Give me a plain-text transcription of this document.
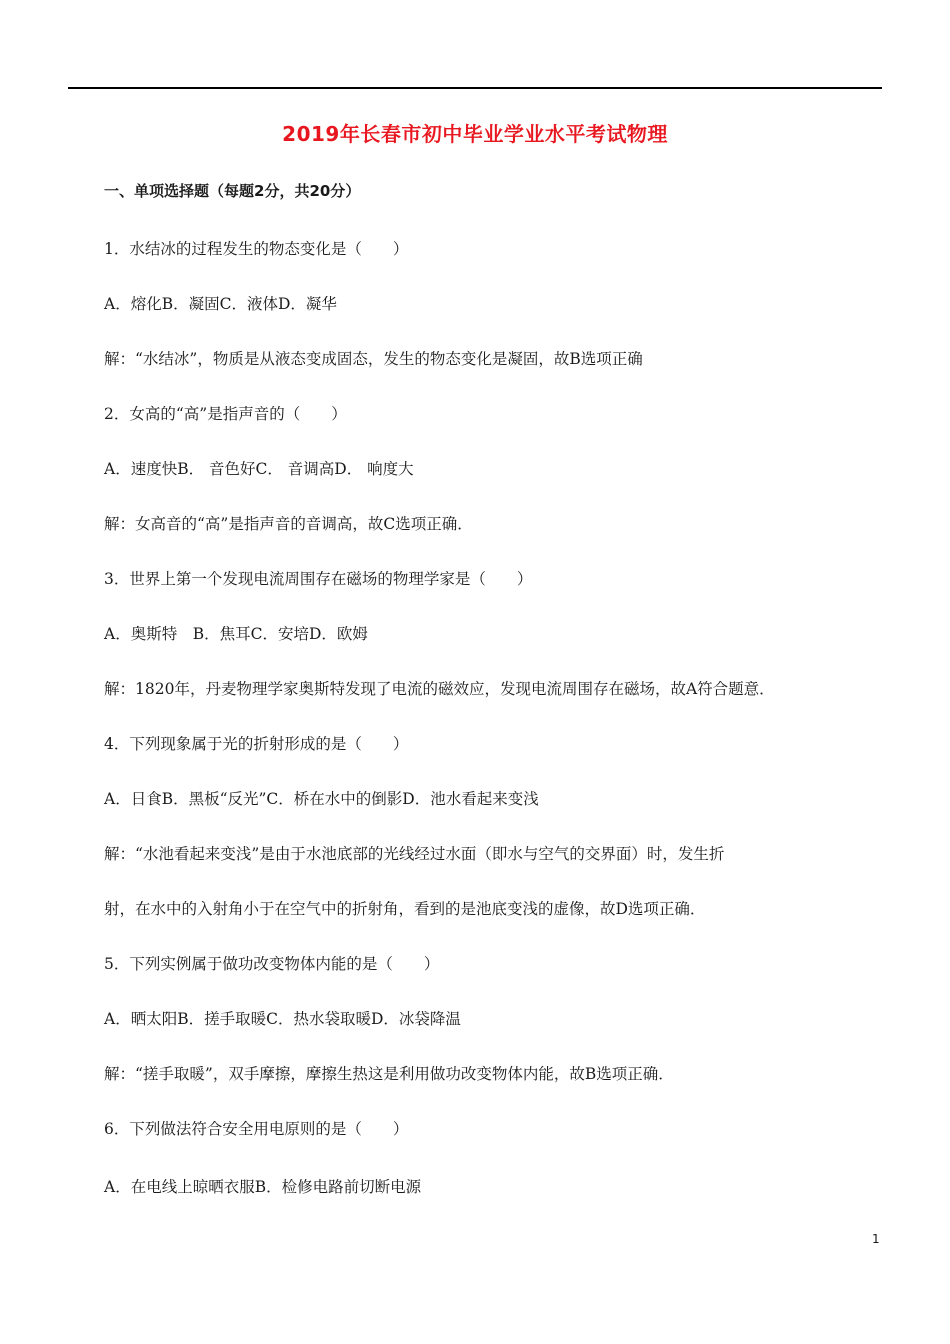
2019年长春市初中毕业学业水平考试物理
一、单项选择题（每题2分，共20分）
1．水结冰的过程发生的物态变化是（　　）
A．熔化B．凝固C．液体D．凝华
解：“水结冰”，物质是从液态变成固态，发生的物态变化是凝固，故B选项正确
2．女高的“高”是指声音的（　　）
A．速度快B． 音色好C． 音调高D． 响度大
解：女高音的“高”是指声音的音调高，故C选项正确．
3．世界上第一个发现电流周围存在磁场的物理学家是（　　）
A．奥斯特　B．焦耳C．安培D．欧姆
解：1820年，丹麦物理学家奥斯特发现了电流的磁效应，发现电流周围存在磁场，故A符合题意．
4．下列现象属于光的折射形成的是（　　）
A．日食B．黑板“反光”C．桥在水中的倒影D．池水看起来变浅
解：“水池看起来变浅”是由于水池底部的光线经过水面（即水与空气的交界面）时，发生折
射，在水中的入射角小于在空气中的折射角，看到的是池底变浅的虚像，故D选项正确．
5．下列实例属于做功改变物体内能的是（　　）
A．晒太阳B．搓手取暖C．热水袋取暖D．冰袋降温
解：“搓手取暖”，双手摩擦，摩擦生热这是利用做功改变物体内能，故B选项正确．
6．下列做法符合安全用电原则的是（　　）
A．在电线上晾晒衣服B．检修电路前切断电源
1
